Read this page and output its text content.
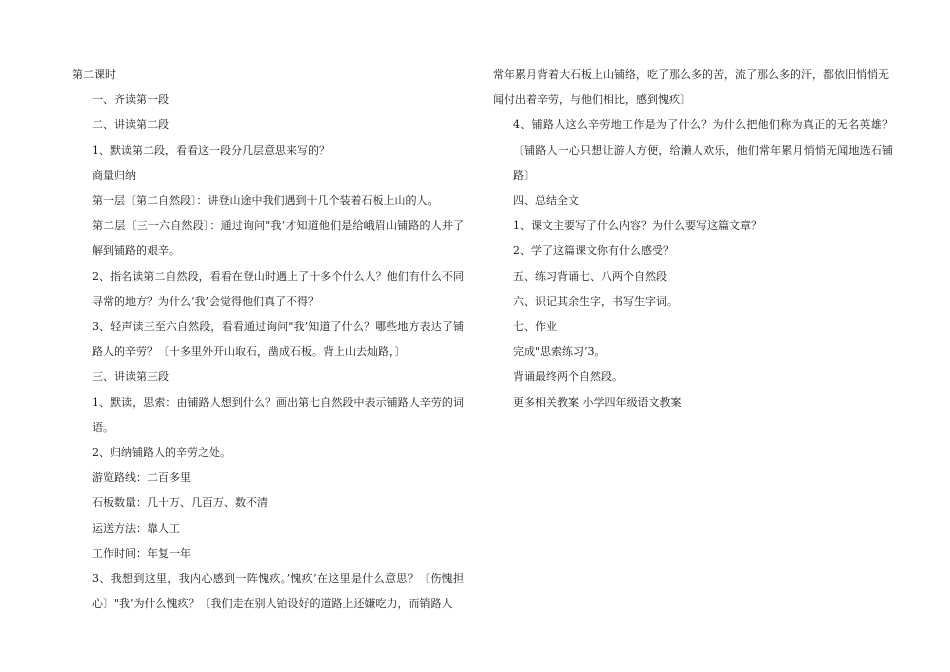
第二课时

一、齐读第一段

二、讲读第二段

1、默读第二段，看看这一段分几层意思来写的？

商量归纳

第一层〔第二自然段〕：讲登山途中我们遇到十几个装着石板上山的人。

第二层〔三一六自然段〕：通过询问"我’才知道他们是给峨眉山铺路的人并了解到铺路的艰辛。

2、指名读第二自然段，看看在登山时遇上了十多个什么人？他们有什么不同寻常的地方？为什么’我’会觉得他们真了不得？

3、轻声读三至六自然段，看看通过询问"我’知道了什么？哪些地方表达了铺路人的辛劳？〔十多里外开山取石，凿成石板。背上山去灿路，〕

三、讲读第三段

1、默读，思索：由铺路人想到什么？画出第七自然段中表示铺路人辛劳的词语。

2、归纳铺路人的辛劳之处。

游览路线：二百多里

石板数量：几十万、几百万、数不清

运送方法：靠人工

工作时间：年复一年

3、我想到这里，我内心感到一阵愧疚。’愧疚’在这里是什么意思？〔伤愧担心〕"我’为什么愧疚？〔我们走在别人铂设好的道路上还嫌吃力，而销路人

常年累月背着大石板上山铺络，吃了那么多的苦，流了那么多的汗，都依旧悄悄无闻付出着辛劳，与他们相比，感到愧疚〕

4、铺路人这么辛劳地工作是为了什么？为什么把他们称为真正的无名英雄？〔铺路人一心只想让游人方便，给濑人欢乐，他们常年累月悄悄无闻地选石铺路〕

四、总结全文

1、课文主要写了什么内容？为什么要写这篇文章？

2、学了这篇课文你有什么感受？

五、练习背诵七、八两个自然段

六、识记其余生字，书写生字词。

七、作业

完成"思索练习’3。

背诵最终两个自然段。

更多相关教案 小学四年级语文教案
